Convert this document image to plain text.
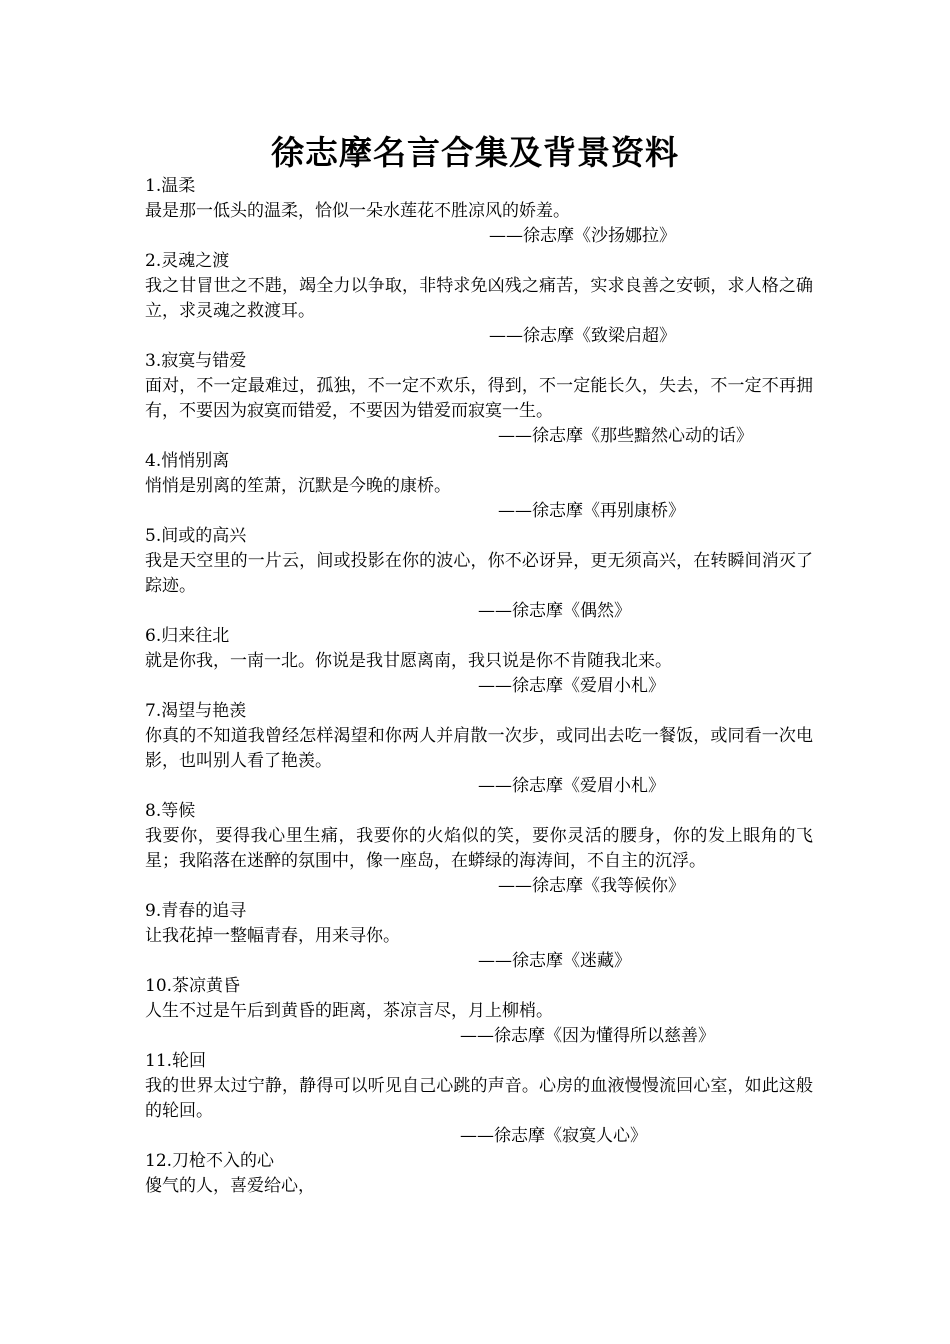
徐志摩名言合集及背景资料

1.温柔

最是那一低头的温柔，恰似一朵水莲花不胜凉风的娇羞。

——徐志摩《沙扬娜拉》

2.灵魂之渡

我之甘冒世之不韪，竭全力以争取，非特求免凶残之痛苦，实求良善之安顿，求人格之确立，求灵魂之救渡耳。

——徐志摩《致梁启超》

3.寂寞与错爱

面对，不一定最难过，孤独，不一定不欢乐，得到，不一定能长久，失去，不一定不再拥有，不要因为寂寞而错爱，不要因为错爱而寂寞一生。

——徐志摩《那些黯然心动的话》

4.悄悄别离

悄悄是别离的笙萧，沉默是今晚的康桥。

——徐志摩《再别康桥》

5.间或的高兴

我是天空里的一片云，间或投影在你的波心，你不必讶异，更无须高兴，在转瞬间消灭了踪迹。

——徐志摩《偶然》

6.归来往北

就是你我，一南一北。你说是我甘愿离南，我只说是你不肯随我北来。

——徐志摩《爱眉小札》

7.渴望与艳羡

你真的不知道我曾经怎样渴望和你两人并肩散一次步，或同出去吃一餐饭，或同看一次电影，也叫别人看了艳羡。

——徐志摩《爱眉小札》

8.等候

我要你，要得我心里生痛，我要你的火焰似的笑，要你灵活的腰身，你的发上眼角的飞星；我陷落在迷醉的氛围中，像一座岛，在蟒绿的海涛间，不自主的沉浮。

——徐志摩《我等候你》

9.青春的追寻

让我花掉一整幅青春，用来寻你。

——徐志摩《迷藏》

10.茶凉黄昏

人生不过是午后到黄昏的距离，茶凉言尽，月上柳梢。

——徐志摩《因为懂得所以慈善》

11.轮回

我的世界太过宁静，静得可以听见自己心跳的声音。心房的血液慢慢流回心室，如此这般的轮回。

——徐志摩《寂寞人心》

12.刀枪不入的心

傻气的人，喜爱给心，
